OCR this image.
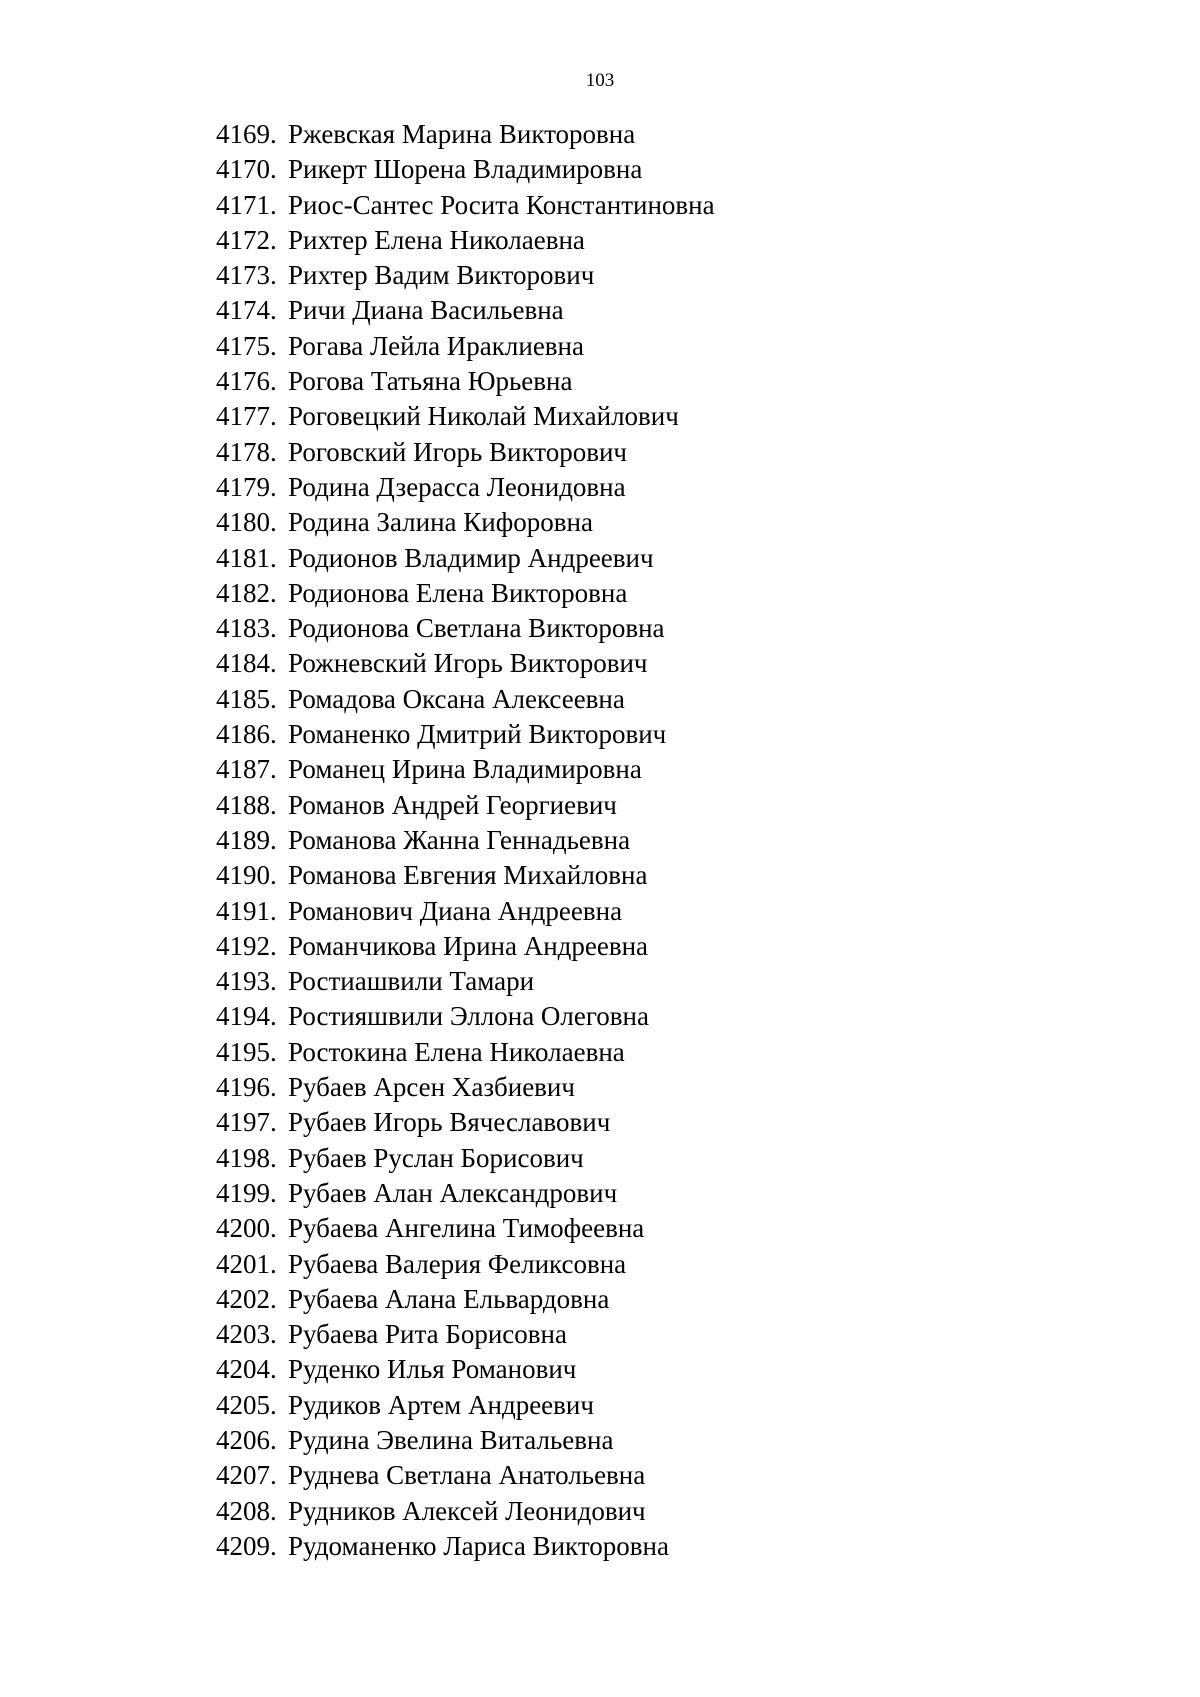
103
4169. Ржевская Марина Викторовна
4170. Рикерт Шорена Владимировна
4171. Риос-Сантес Росита Константиновна
4172. Рихтер Елена Николаевна
4173. Рихтер Вадим Викторович
4174. Ричи Диана Васильевна
4175. Рогава Лейла Ираклиевна
4176. Рогова Татьяна Юрьевна
4177. Роговецкий Николай Михайлович
4178. Роговский Игорь Викторович
4179. Родина Дзерасса Леонидовна
4180. Родина Залина Кифоровна
4181. Родионов Владимир Андреевич
4182. Родионова Елена Викторовна
4183. Родионова Светлана Викторовна
4184. Рожневский Игорь Викторович
4185. Ромадова Оксана Алексеевна
4186. Романенко Дмитрий Викторович
4187. Романец Ирина Владимировна
4188. Романов Андрей Георгиевич
4189. Романова Жанна Геннадьевна
4190. Романова Евгения Михайловна
4191. Романович Диана Андреевна
4192. Романчикова Ирина Андреевна
4193. Ростиашвили Тамари
4194. Ростияшвили Эллона Олеговна
4195. Ростокина Елена Николаевна
4196. Рубаев Арсен Хазбиевич
4197. Рубаев Игорь Вячеславович
4198. Рубаев Руслан Борисович
4199. Рубаев Алан Александрович
4200. Рубаева Ангелина Тимофеевна
4201. Рубаева Валерия Феликсовна
4202. Рубаева Алана Ельвардовна
4203. Рубаева Рита Борисовна
4204. Руденко Илья Романович
4205. Рудиков Артем Андреевич
4206. Рудина Эвелина Витальевна
4207. Руднева Светлана Анатольевна
4208. Рудников Алексей Леонидович
4209. Рудоманенко Лариса Викторовна
